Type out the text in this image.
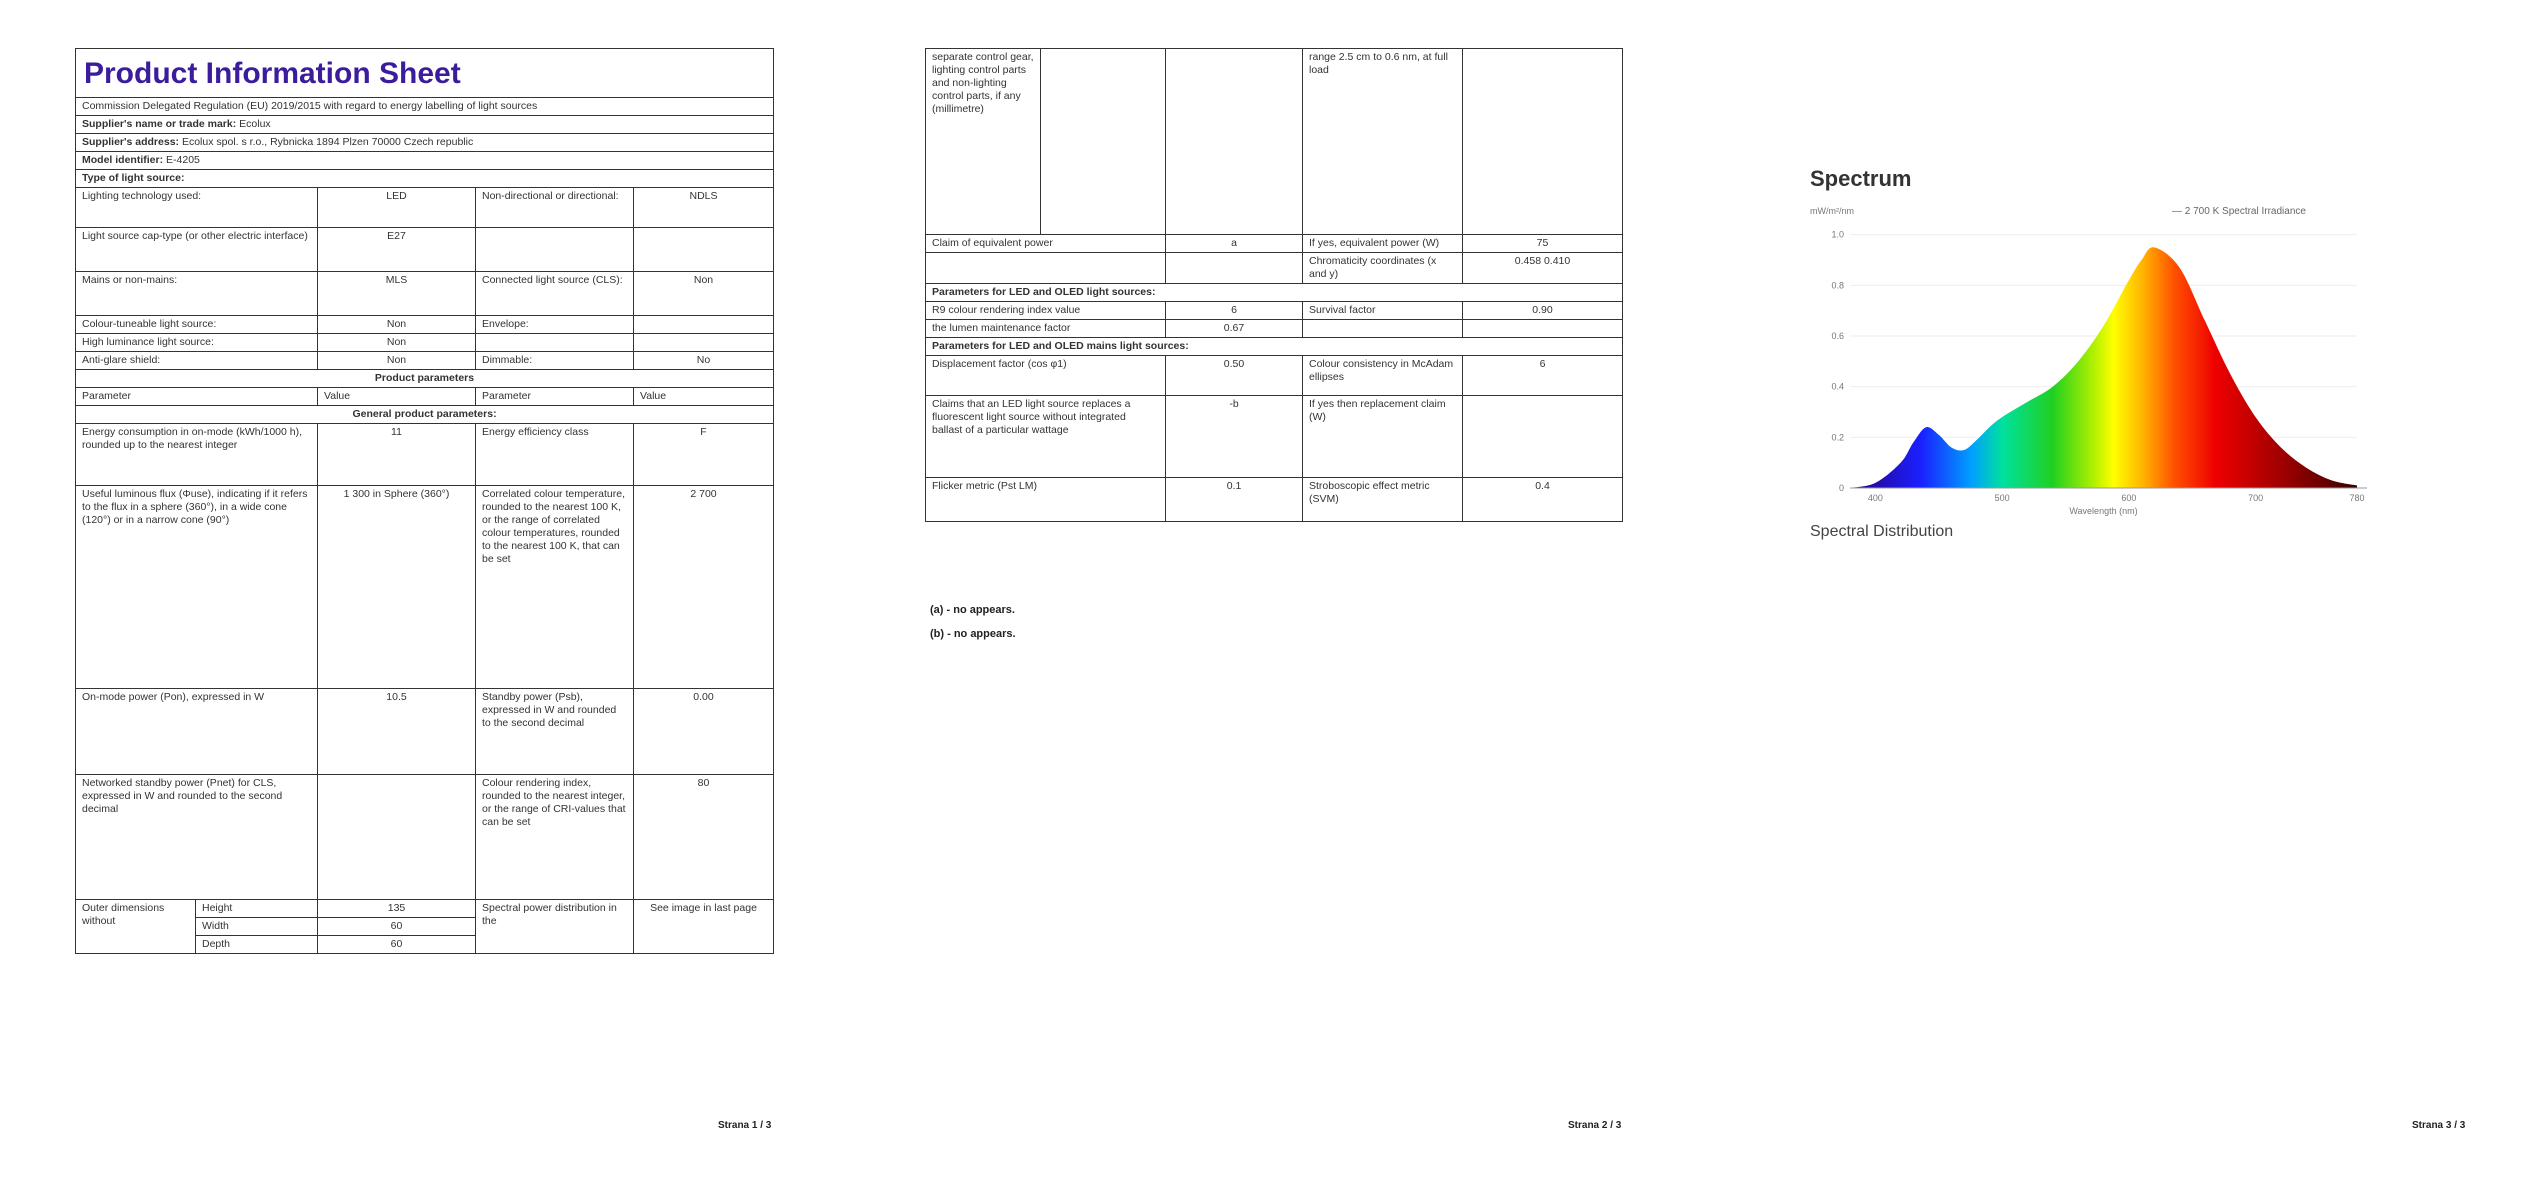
Product Information Sheet				
Commission Delegated Regulation (EU) 2019/2015 with regard to energy labelling of light sources				
Supplier's name or trade mark: Ecolux				
Supplier's address: Ecolux spol. s r.o., Rybnicka 1894 Plzen 70000 Czech republic				
Model identifier: E-4205				
Type of light source:				
Lighting technology used:		LED	Non-directional or directional:	NDLS
Light source cap-type (or other electric interface)		E27		
Mains or non-mains:		MLS	Connected light source (CLS):	Non
Colour-tuneable light source:		Non	Envelope:	
High luminance light source:		Non		
Anti-glare shield:		Non	Dimmable:	No
Product parameters				
Parameter		Value	Parameter	Value
General product parameters:				
Energy consumption in on-mode (kWh/1000 h), rounded up to the nearest integer		11	Energy efficiency class	F
Useful luminous flux (Φuse), indicating if it refers to the flux in a sphere (360°), in a wide cone (120°) or in a narrow cone (90°)		1 300 in Sphere (360°)	Correlated colour temperature, rounded to the nearest 100 K, or the range of correlated colour temperatures, rounded to the nearest 100 K, that can be set	2 700
On-mode power (Pon), expressed in W		10.5	Standby power (Psb), expressed in W and rounded to the second decimal	0.00
Networked standby power (Pnet) for CLS, expressed in W and rounded to the second decimal			Colour rendering index, rounded to the nearest integer, or the range of CRI-values that can be set	80
Outer dimensions without	Height	135	Spectral power distribution in the	See image in last page
	Width	60		
	Depth	60		
Strana 1 / 3
separate control gear, lighting control parts and non-lighting control parts, if any (millimetre)			range 2.5 cm to 0.6 nm, at full load	
Claim of equivalent power		a	If yes, equivalent power (W)	75
			Chromaticity coordinates (x and y)	0.458 0.410
Parameters for LED and OLED light sources:				
R9 colour rendering index value		6	Survival factor	0.90
the lumen maintenance factor		0.67		
Parameters for LED and OLED mains light sources:				
Displacement factor (cos φ1)		0.50	Colour consistency in McAdam ellipses	6
Claims that an LED light source replaces a fluorescent light source without integrated ballast of a particular wattage		-b	If yes then replacement claim (W)	
Flicker metric (Pst LM)		0.1	Stroboscopic effect metric (SVM)	0.4
(a) - no appears.
(b) - no appears.
Strana 2 / 3
Spectrum
mW/m²/nm	— 2 700 K Spectral Irradiance
0
0.2
0.4
0.6
0.8
1.0
400	500	600	700	780
Wavelength (nm)
Spectral Distribution
Strana 3 / 3
